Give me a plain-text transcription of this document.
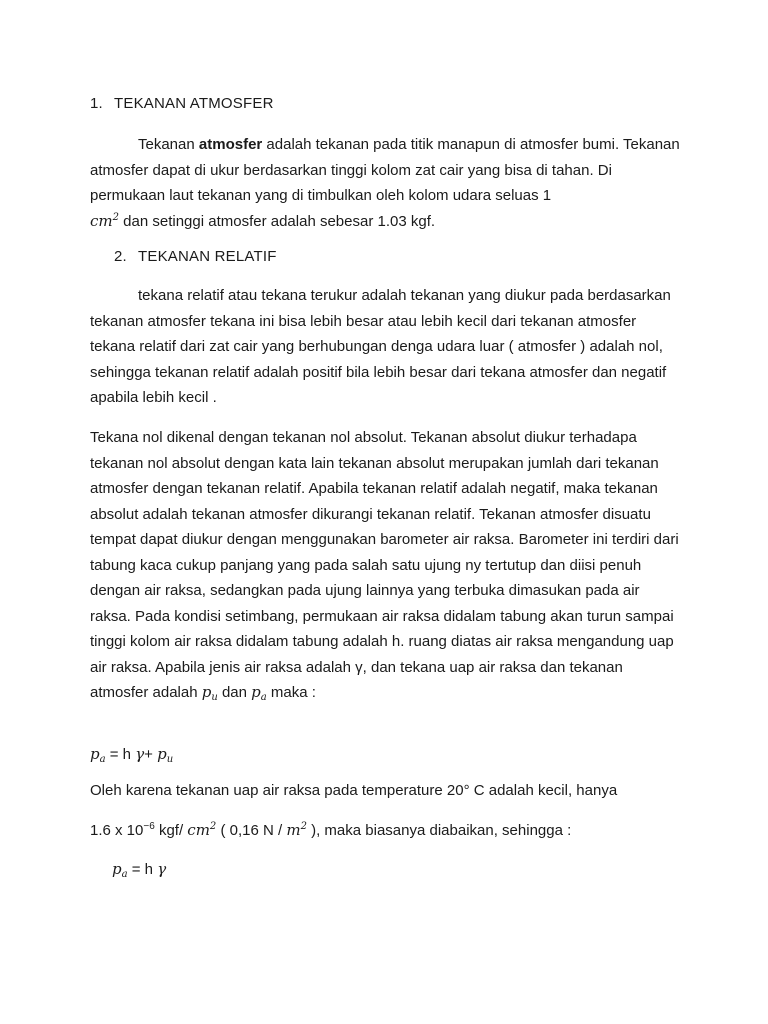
1. TEKANAN ATMOSFER
Tekanan atmosfer adalah tekanan pada titik manapun di atmosfer bumi. Tekanan atmosfer dapat di ukur berdasarkan tinggi kolom zat cair yang bisa di tahan. Di permukaan laut tekanan yang di timbulkan oleh kolom udara seluas 1
$cm^2$ dan setinggi atmosfer adalah sebesar 1.03 kgf.
2. TEKANAN RELATIF
tekana relatif atau tekana terukur adalah tekanan yang diukur pada berdasarkan tekanan atmosfer tekana ini bisa lebih besar atau lebih kecil dari tekanan atmosfer tekana relatif dari zat cair yang berhubungan denga udara luar ( atmosfer ) adalah nol, sehingga tekanan relatif adalah positif bila lebih besar dari tekana atmosfer dan negatif apabila lebih kecil .
Tekana nol dikenal dengan tekanan nol absolut. Tekanan absolut diukur terhadapa tekanan nol absolut dengan kata lain tekanan absolut merupakan jumlah dari tekanan atmosfer dengan tekanan relatif. Apabila tekanan relatif adalah negatif, maka tekanan absolut adalah tekanan atmosfer dikurangi tekanan relatif. Tekanan atmosfer disuatu tempat dapat diukur dengan menggunakan barometer air raksa. Barometer ini terdiri dari tabung kaca cukup panjang yang pada salah satu ujung ny tertutup dan diisi penuh dengan air raksa, sedangkan pada ujung lainnya yang terbuka dimasukan pada air raksa. Pada kondisi setimbang, permukaan air raksa didalam tabung akan turun sampai tinggi kolom air raksa didalam tabung adalah h. ruang diatas air raksa mengandung uap air raksa. Apabila jenis air raksa adalah γ, dan tekana uap air raksa dan tekanan atmosfer adalah $p_u$ dan $p_a$ maka :
$p_a = h$ $\gamma+ p_u$
Oleh karena tekanan uap air raksa pada temperature 20° C adalah kecil, hanya
1.6 x $10^{-6}$ kgf/ $cm^2$ ( 0,16 N / $m^2$ ), maka biasanya diabaikan, sehingga :
$p_a = h$ γ
